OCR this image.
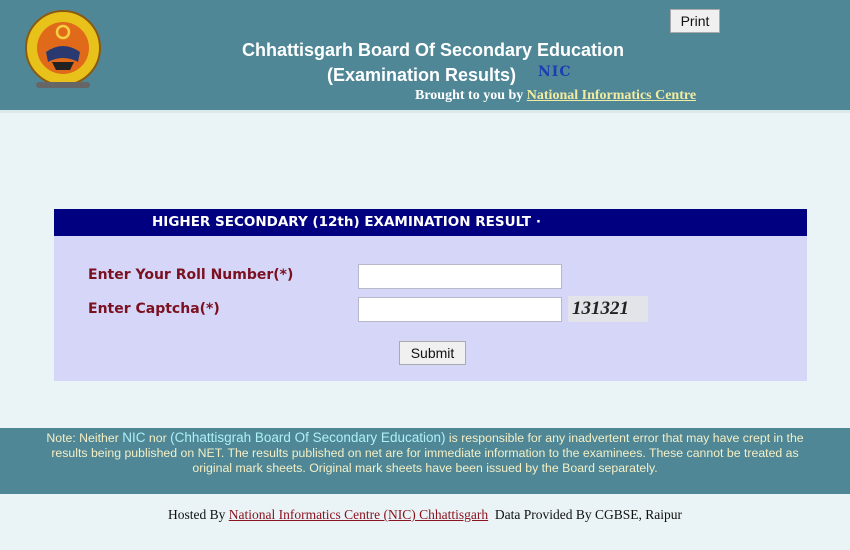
Print
Chhattisgarh Board Of Secondary Education
(Examination Results) NIC
Brought to you by National Informatics Centre
HIGHER SECONDARY (12th) EXAMINATION RESULT ·
Enter Your Roll Number(*)
Enter Captcha(*)	131321
Submit
Note: Neither NIC nor (Chhattisgrah Board Of Secondary Education) is responsible for any inadvertent error that may have crept in the results being published on NET. The results published on net are for immediate information to the examinees. These cannot be treated as original mark sheets. Original mark sheets have been issued by the Board separately.
Hosted By National Informatics Centre (NIC) Chhattisgarh  Data Provided By CGBSE, Raipur
